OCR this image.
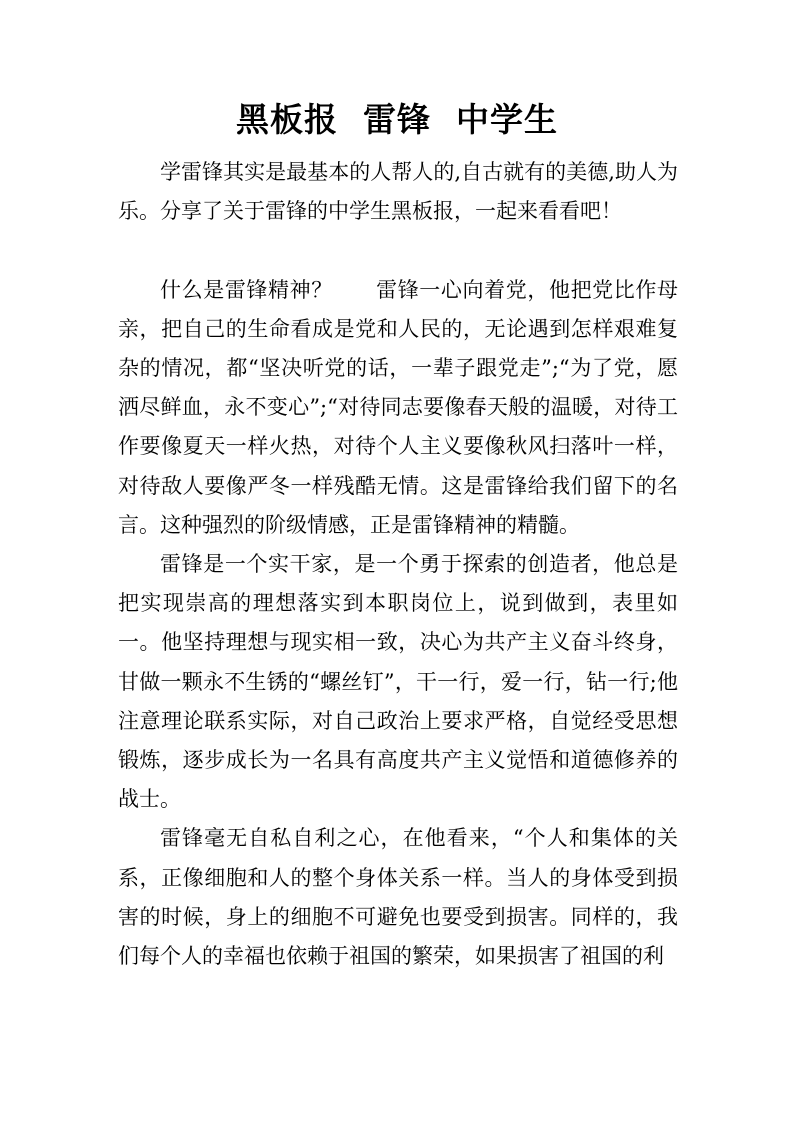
黑板报  雷锋  中学生

学雷锋其实是最基本的人帮人的,自古就有的美德,助人为乐。分享了关于雷锋的中学生黑板报，一起来看看吧！

什么是雷锋精神？　　雷锋一心向着党，他把党比作母亲，把自己的生命看成是党和人民的，无论遇到怎样艰难复杂的情况，都“坚决听党的话，一辈子跟党走”;“为了党，愿洒尽鲜血，永不变心”;“对待同志要像春天般的温暖，对待工作要像夏天一样火热，对待个人主义要像秋风扫落叶一样，对待敌人要像严冬一样残酷无情。这是雷锋给我们留下的名言。这种强烈的阶级情感，正是雷锋精神的精髓。

雷锋是一个实干家，是一个勇于探索的创造者，他总是把实现崇高的理想落实到本职岗位上，说到做到，表里如一。他坚持理想与现实相一致，决心为共产主义奋斗终身，甘做一颗永不生锈的“螺丝钉”，干一行，爱一行，钻一行;他注意理论联系实际，对自己政治上要求严格，自觉经受思想锻炼，逐步成长为一名具有高度共产主义觉悟和道德修养的战士。

雷锋毫无自私自利之心，在他看来，“个人和集体的关系，正像细胞和人的整个身体关系一样。当人的身体受到损害的时候，身上的细胞不可避免也要受到损害。同样的，我们每个人的幸福也依赖于祖国的繁荣，如果损害了祖国的利
